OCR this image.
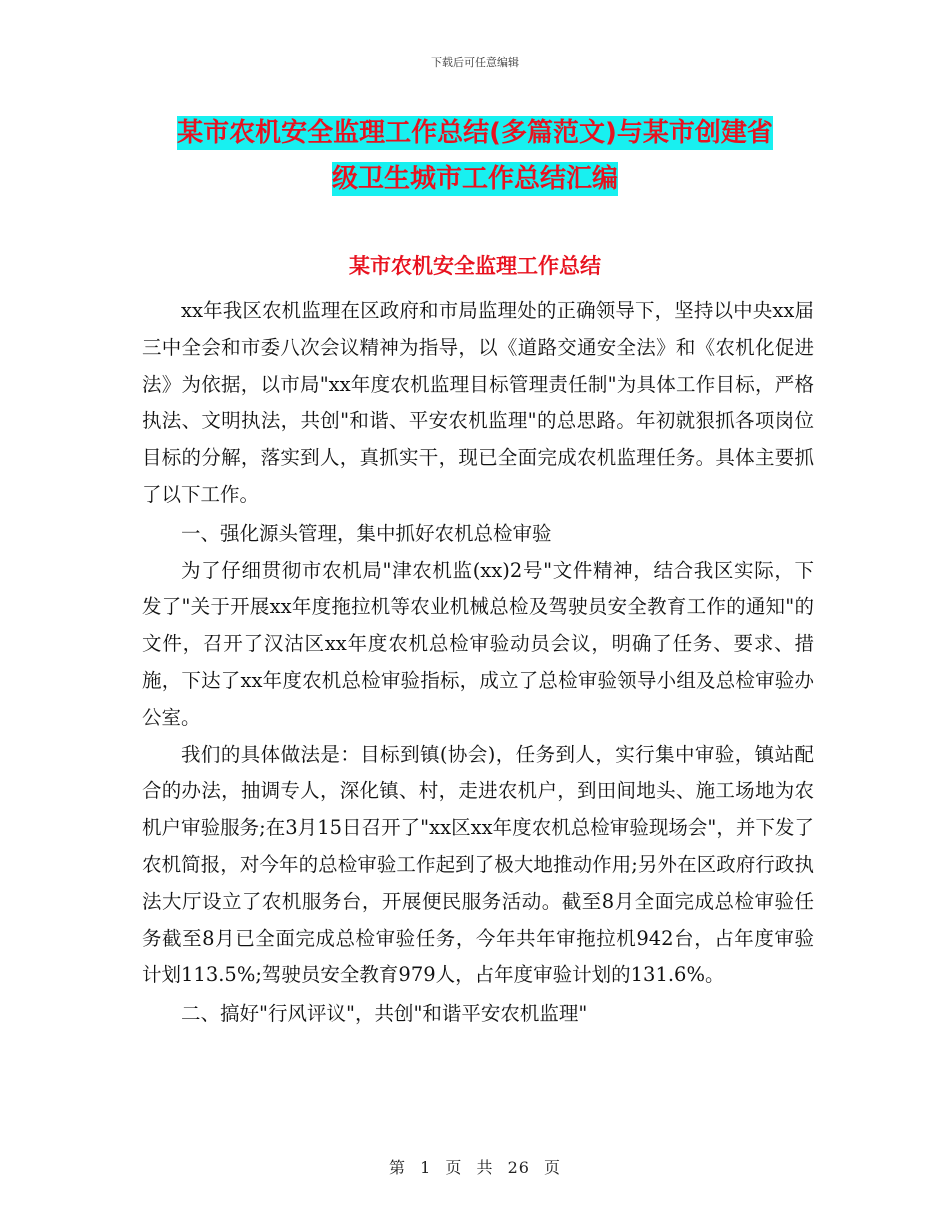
下载后可任意编辑
某市农机安全监理工作总结(多篇范文)与某市创建省
级卫生城市工作总结汇编
某市农机安全监理工作总结

xx年我区农机监理在区政府和市局监理处的正确领导下，坚持以中央xx届三中全会和市委八次会议精神为指导，以《道路交通安全法》和《农机化促进法》为依据，以市局"xx年度农机监理目标管理责任制"为具体工作目标，严格执法、文明执法，共创"和谐、平安农机监理"的总思路。年初就狠抓各项岗位目标的分解，落实到人，真抓实干，现已全面完成农机监理任务。具体主要抓了以下工作。

一、强化源头管理，集中抓好农机总检审验

为了仔细贯彻市农机局"津农机监(xx)2号"文件精神，结合我区实际，下发了"关于开展xx年度拖拉机等农业机械总检及驾驶员安全教育工作的通知"的文件，召开了汉沽区xx年度农机总检审验动员会议，明确了任务、要求、措施，下达了xx年度农机总检审验指标，成立了总检审验领导小组及总检审验办公室。

我们的具体做法是：目标到镇(协会)，任务到人，实行集中审验，镇站配合的办法，抽调专人，深化镇、村，走进农机户，到田间地头、施工场地为农机户审验服务;在3月15日召开了"xx区xx年度农机总检审验现场会"，并下发了农机简报，对今年的总检审验工作起到了极大地推动作用;另外在区政府行政执法大厅设立了农机服务台，开展便民服务活动。截至8月全面完成总检审验任务截至8月已全面完成总检审验任务，今年共年审拖拉机942台，占年度审验计划113.5%;驾驶员安全教育979人，占年度审验计划的131.6%。

二、搞好"行风评议"，共创"和谐平安农机监理"

第 1 页 共 26 页
